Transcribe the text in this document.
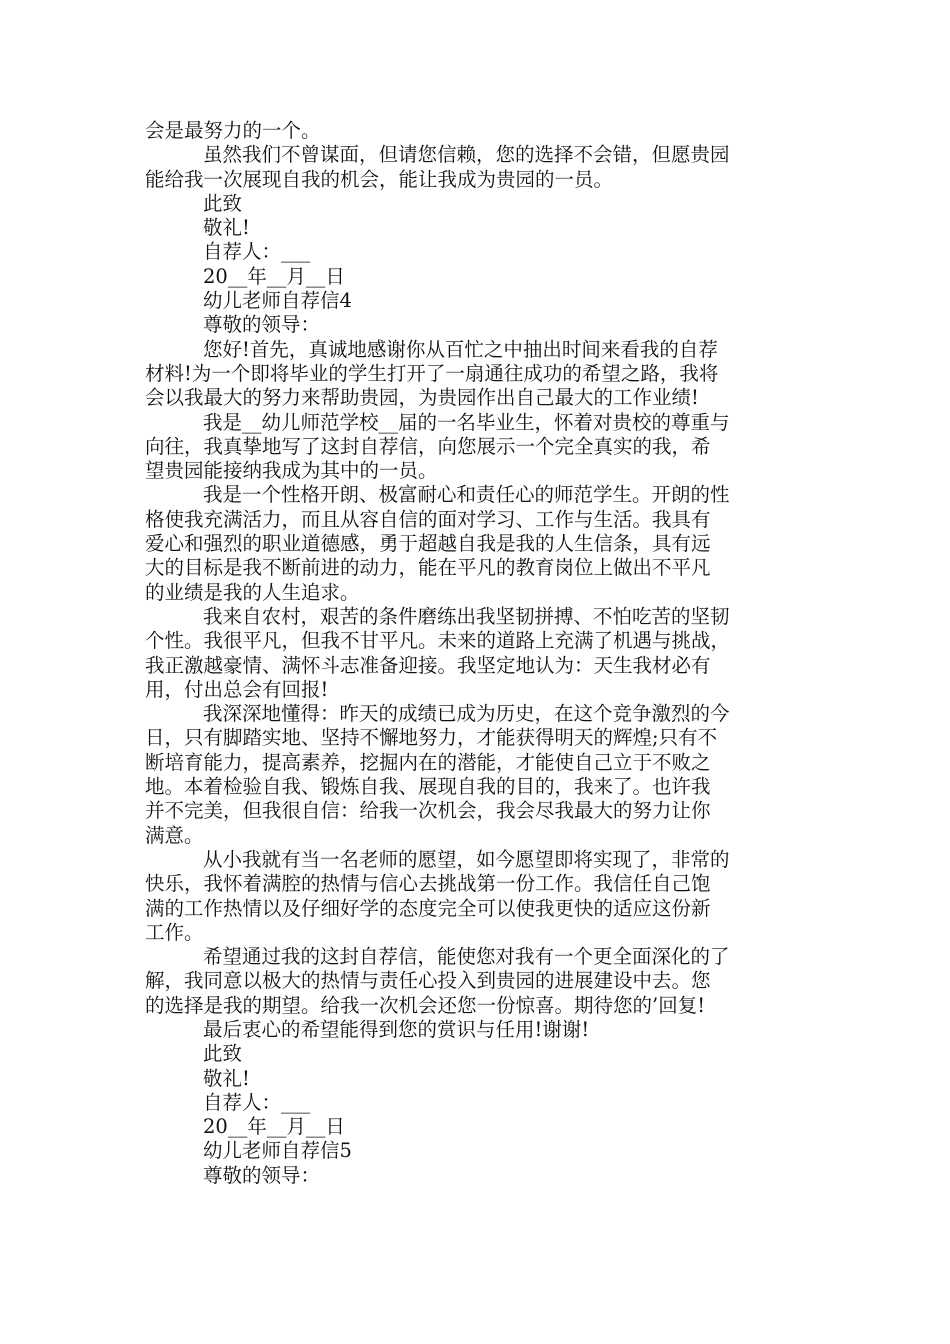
会是最努力的一个。
虽然我们不曾谋面，但请您信赖，您的选择不会错，但愿贵园
能给我一次展现自我的机会，能让我成为贵园的一员。
此致
敬礼!
自荐人：___
20__年__月__日
幼儿老师自荐信4
尊敬的领导：
您好!首先，真诚地感谢你从百忙之中抽出时间来看我的自荐
材料!为一个即将毕业的学生打开了一扇通往成功的希望之路，我将
会以我最大的努力来帮助贵园，为贵园作出自己最大的工作业绩!
我是__幼儿师范学校__届的一名毕业生，怀着对贵校的尊重与
向往，我真挚地写了这封自荐信，向您展示一个完全真实的我，希
望贵园能接纳我成为其中的一员。
我是一个性格开朗、极富耐心和责任心的师范学生。开朗的性
格使我充满活力，而且从容自信的面对学习、工作与生活。我具有
爱心和强烈的职业道德感，勇于超越自我是我的人生信条，具有远
大的目标是我不断前进的动力，能在平凡的教育岗位上做出不平凡
的业绩是我的人生追求。
我来自农村，艰苦的条件磨练出我坚韧拼搏、不怕吃苦的坚韧
个性。我很平凡，但我不甘平凡。未来的道路上充满了机遇与挑战，
我正激越豪情、满怀斗志准备迎接。我坚定地认为：天生我材必有
用，付出总会有回报!
我深深地懂得：昨天的成绩已成为历史，在这个竞争激烈的今
日，只有脚踏实地、坚持不懈地努力，才能获得明天的辉煌;只有不
断培育能力，提高素养，挖掘内在的潜能，才能使自己立于不败之
地。本着检验自我、锻炼自我、展现自我的目的，我来了。也许我
并不完美，但我很自信：给我一次机会，我会尽我最大的努力让你
满意。
从小我就有当一名老师的愿望，如今愿望即将实现了，非常的
快乐，我怀着满腔的热情与信心去挑战第一份工作。我信任自己饱
满的工作热情以及仔细好学的态度完全可以使我更快的适应这份新
工作。
希望通过我的这封自荐信，能使您对我有一个更全面深化的了
解，我同意以极大的热情与责任心投入到贵园的进展建设中去。您
的选择是我的期望。给我一次机会还您一份惊喜。期待您的’回复!
最后衷心的希望能得到您的赏识与任用!谢谢!
此致
敬礼!
自荐人：___
20__年__月__日
幼儿老师自荐信5
尊敬的领导：
